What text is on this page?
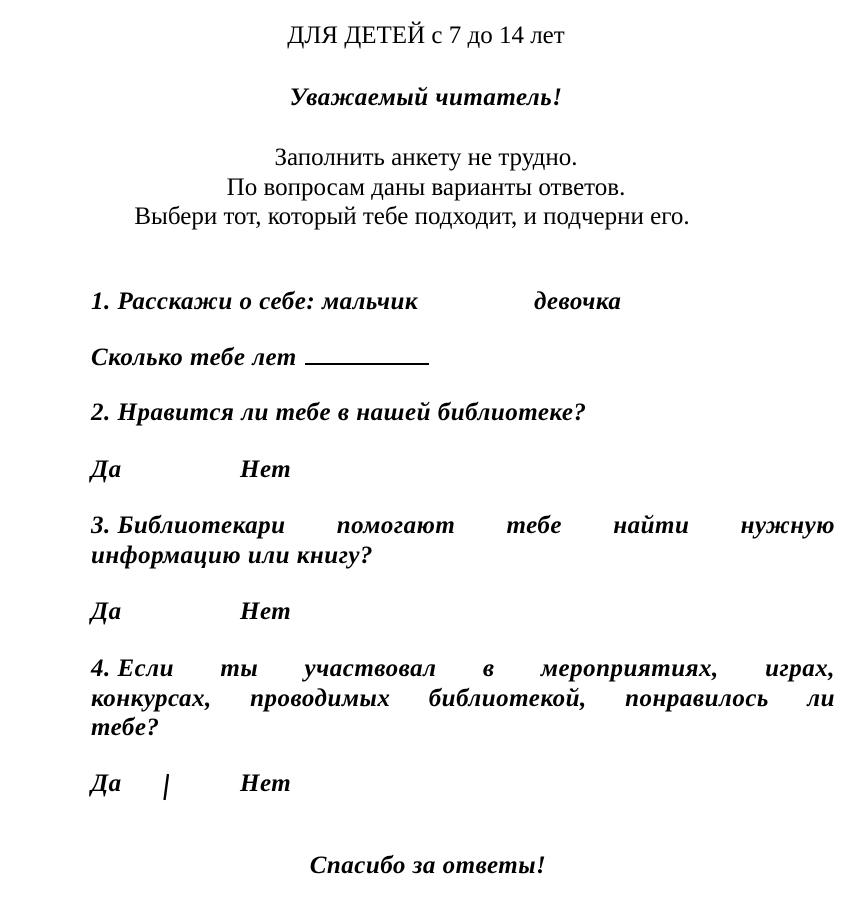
ДЛЯ ДЕТЕЙ с 7 до 14 лет
Уважаемый читатель!
Заполнить анкету не трудно.
По вопросам даны варианты ответов.
Выбери тот, который тебе подходит, и подчерни его.
1. Расскажи о себе: мальчик	девочка
Сколько тебе лет
2. Нравится ли тебе в нашей библиотеке?
Да	Нет
3. Библиотекари помогают тебе найти нужную
информацию или книгу?
Да	Нет
4. Если ты участвовал в мероприятиях, играх,
конкурсах, проводимых библиотекой, понравилось ли
тебе?
Да	Нет
Спасибо за ответы!
